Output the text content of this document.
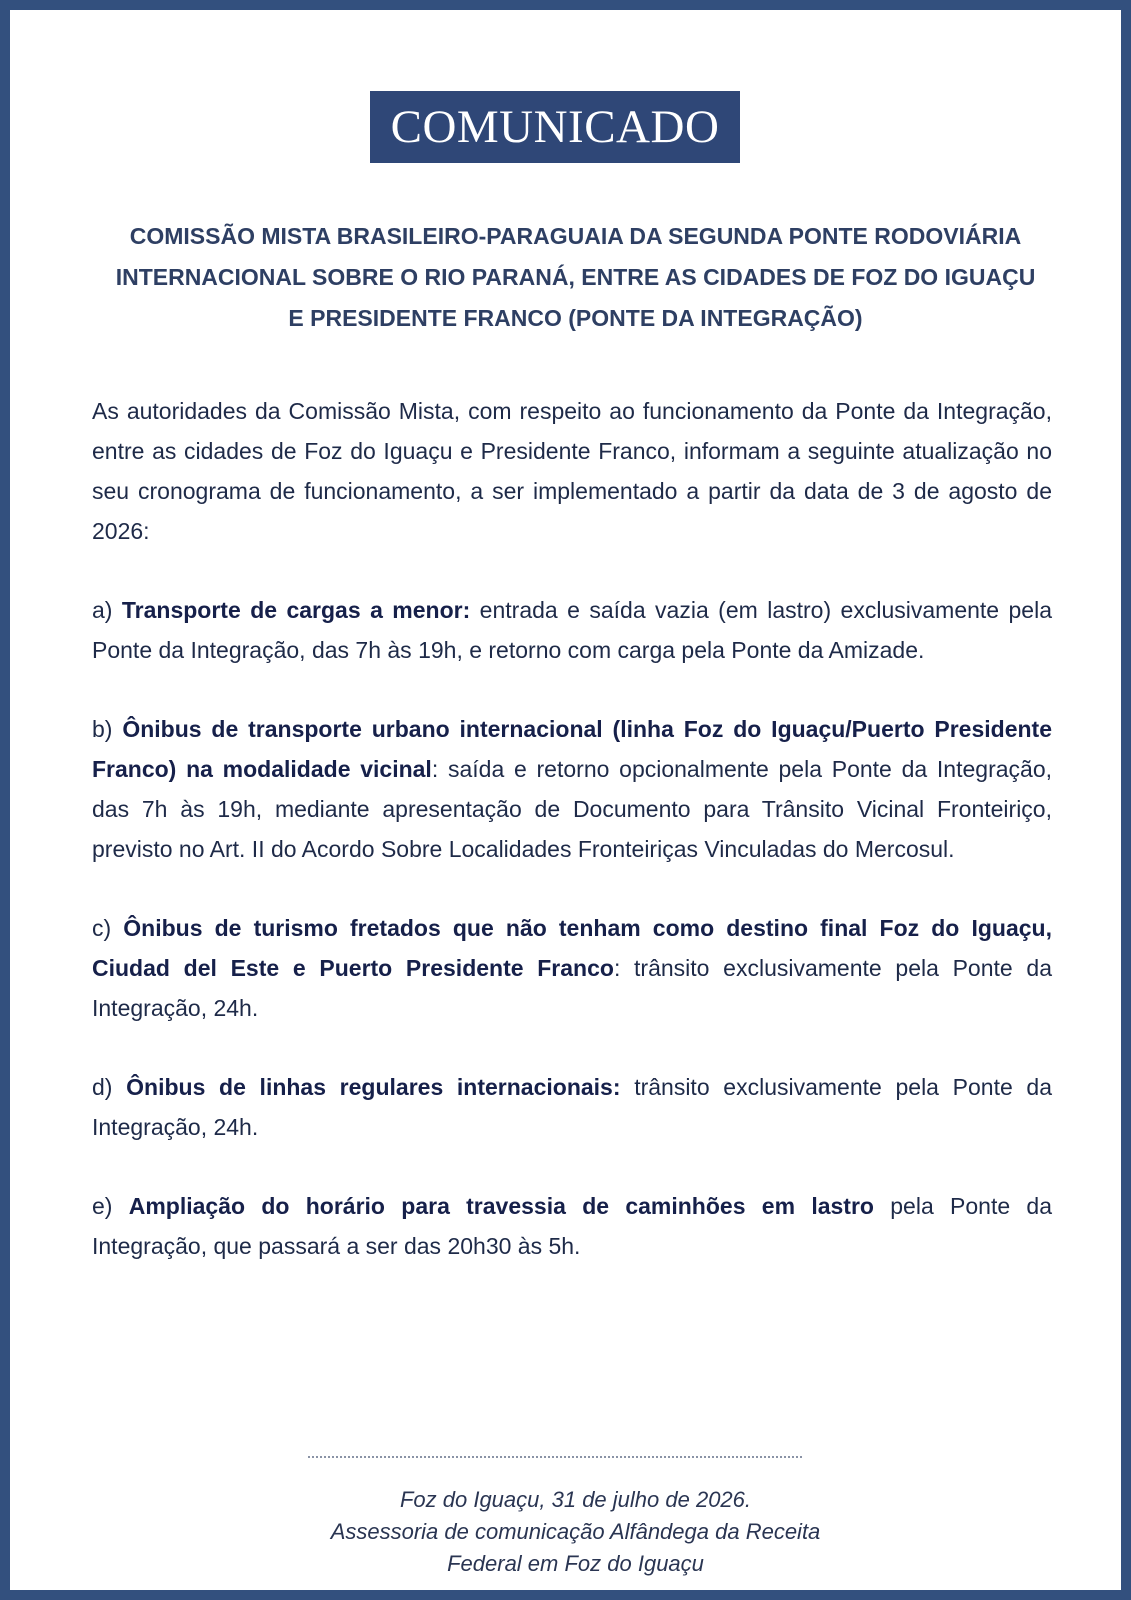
COMUNICADO
COMISSÃO MISTA BRASILEIRO-PARAGUAIA DA SEGUNDA PONTE RODOVIÁRIA
INTERNACIONAL SOBRE O RIO PARANÁ, ENTRE AS CIDADES DE FOZ DO IGUAÇU
E PRESIDENTE FRANCO (PONTE DA INTEGRAÇÃO)

As autoridades da Comissão Mista, com respeito ao funcionamento da Ponte da Integração, entre as cidades de Foz do Iguaçu e Presidente Franco, informam a seguinte atualização no seu cronograma de funcionamento, a ser implementado a partir da data de 3 de agosto de 2026:

a) Transporte de cargas a menor: entrada e saída vazia (em lastro) exclusivamente pela Ponte da Integração, das 7h às 19h, e retorno com carga pela Ponte da Amizade.

b) Ônibus de transporte urbano internacional (linha Foz do Iguaçu/Puerto Presidente Franco) na modalidade vicinal: saída e retorno opcionalmente pela Ponte da Integração, das 7h às 19h, mediante apresentação de Documento para Trânsito Vicinal Fronteiriço, previsto no Art. II do Acordo Sobre Localidades Fronteiriças Vinculadas do Mercosul.

c) Ônibus de turismo fretados que não tenham como destino final Foz do Iguaçu, Ciudad del Este e Puerto Presidente Franco: trânsito exclusivamente pela Ponte da Integração, 24h.

d) Ônibus de linhas regulares internacionais: trânsito exclusivamente pela Ponte da Integração, 24h.

e) Ampliação do horário para travessia de caminhões em lastro pela Ponte da Integração, que passará a ser das 20h30 às 5h.

Foz do Iguaçu, 31 de julho de 2026.
Assessoria de comunicação Alfândega da Receita
Federal em Foz do Iguaçu
